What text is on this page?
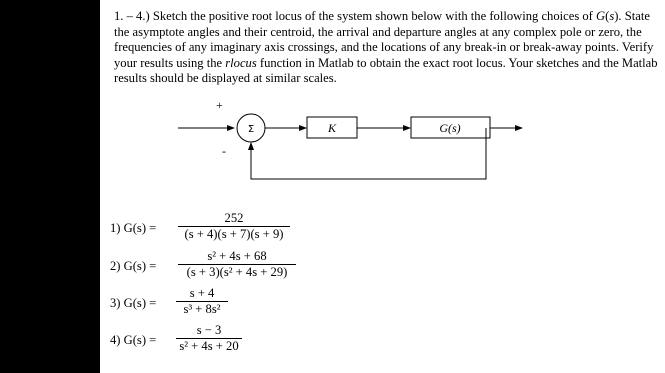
1. – 4.) Sketch the positive root locus of the system shown below with the following choices of G(s). State the asymptote angles and their centroid, the arrival and departure angles at any complex pole or zero, the frequencies of any imaginary axis crossings, and the locations of any break-in or break-away points. Verify your results using the rlocus function in Matlab to obtain the exact root locus. Your sketches and the Matlab results should be displayed at similar scales.

+
Σ
-
K	G(s)
1) G(s) =
252
(s + 4)(s + 7)(s + 9)
2) G(s) =
s² + 4s + 68
(s + 3)(s² + 4s + 29)
3) G(s) =
s + 4
s³ + 8s²
4) G(s) =
s − 3
s² + 4s + 20
